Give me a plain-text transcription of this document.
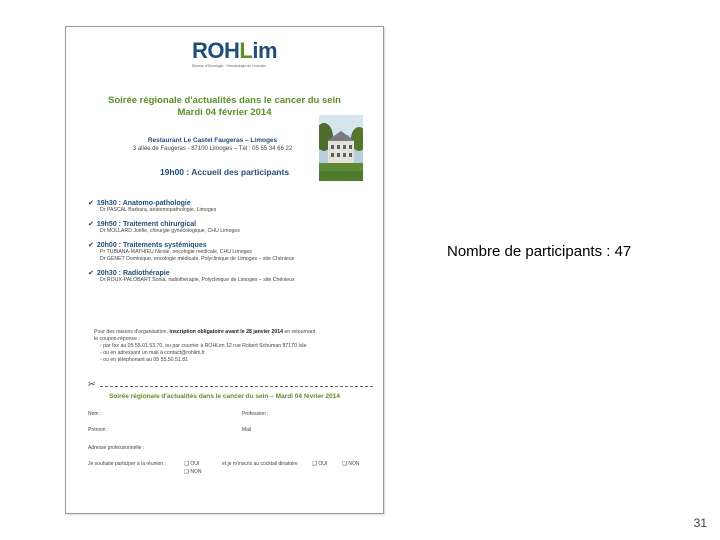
ROHLim
Réseau d'Oncologie · Hématologie du Limousin
Soirée régionale d'actualités dans le cancer du sein
Mardi 04 février 2014
Restaurant Le Castel Faugeras – Limoges
3 allée de Faugeras - 87100 Limoges – Tél : 05 55 34 66 22
19h00 : Accueil des participants
✔ 19h30 : Anatomo-pathologie
Dr PASCAL Barbara, anatomopathologie, Limoges
✔ 19h50 : Traitement chirurgical
Dr MOLLARD Joëlle, chirurgie gynécologique, CHU Limoges
✔ 20h00 : Traitements systémiques
Pr TUBIANA-MATHIEU Nicole, oncologie médicale, CHU Limoges
Dr GENET Dominique, oncologie médicale, Polyclinique de Limoges – site Chénieux
✔ 20h30 : Radiothérapie
Dr ROUX-PALOBART Sonia, radiothérapie, Polyclinique de Limoges – site Chénieux
Pour des raisons d'organisation, inscription obligatoire avant le 28 janvier 2014 en retournant
le coupon-réponse :
- par fax au 05 55.01.53.70, ou par courrier à ROHLim 12 rue Robert Schuman 87170 Isle
- ou en adressant un mail à contact@rohlim.fr
- ou en téléphonant au 05 55.50.51.81
✂
Soirée régionale d'actualités dans le cancer du sein – Mardi 04 février 2014
Nom :	Profession :
Prénom :	Mail
Adresse professionnelle :
Je souhaite participer à la réunion :	❑ OUI
❑ NON
et je m'inscris au cocktail dinatoire	❑ OUI	❑ NON
Nombre de participants : 47
31
